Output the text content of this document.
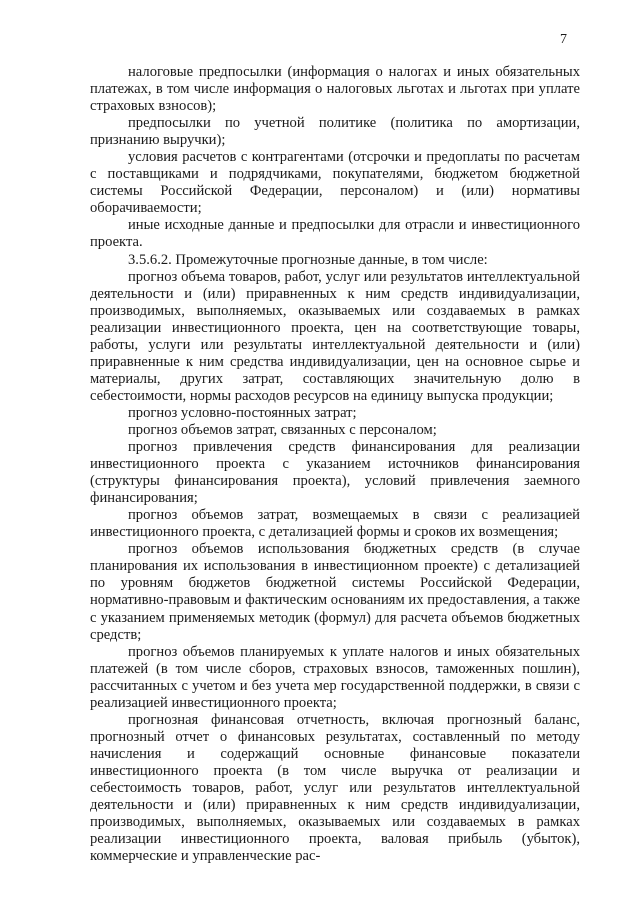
7

налоговые предпосылки (информация о налогах и иных обязательных платежах, в том числе информация о налоговых льготах и льготах при уплате страховых взносов);

предпосылки по учетной политике (политика по амортизации, признанию выручки);

условия расчетов с контрагентами (отсрочки и предоплаты по расчетам с поставщиками и подрядчиками, покупателями, бюджетом бюджетной системы Российской Федерации, персоналом) и (или) нормативы оборачиваемости;

иные исходные данные и предпосылки для отрасли и инвестиционного проекта.

3.5.6.2. Промежуточные прогнозные данные, в том числе:

прогноз объема товаров, работ, услуг или результатов интеллектуальной деятельности и (или) приравненных к ним средств индивидуализации, производимых, выполняемых, оказываемых или создаваемых в рамках реализации инвестиционного проекта, цен на соответствующие товары, работы, услуги или результаты интеллектуальной деятельности и (или) приравненные к ним средства индивидуализации, цен на основное сырье и материалы, других затрат, составляющих значительную долю в себестоимости, нормы расходов ресурсов на единицу выпуска продукции;

прогноз условно-постоянных затрат;

прогноз объемов затрат, связанных с персоналом;

прогноз привлечения средств финансирования для реализации инвестиционного проекта с указанием источников финансирования (структуры финансирования проекта), условий привлечения заемного финансирования;

прогноз объемов затрат, возмещаемых в связи с реализацией инвестиционного проекта, с детализацией формы и сроков их возмещения;

прогноз объемов использования бюджетных средств (в случае планирования их использования в инвестиционном проекте) с детализацией по уровням бюджетов бюджетной системы Российской Федерации, нормативно-правовым и фактическим основаниям их предоставления, а также с указанием применяемых методик (формул) для расчета объемов бюджетных средств;

прогноз объемов планируемых к уплате налогов и иных обязательных платежей (в том числе сборов, страховых взносов, таможенных пошлин), рассчитанных с учетом и без учета мер государственной поддержки, в связи с реализацией инвестиционного проекта;

прогнозная финансовая отчетность, включая прогнозный баланс, прогнозный отчет о финансовых результатах, составленный по методу начисления и содержащий основные финансовые показатели инвестиционного проекта (в том числе выручка от реализации и себестоимость товаров, работ, услуг или результатов интеллектуальной деятельности и (или) приравненных к ним средств индивидуализации, производимых, выполняемых, оказываемых или создаваемых в рамках реализации инвестиционного проекта, валовая прибыль (убыток), коммерческие и управленческие рас-
